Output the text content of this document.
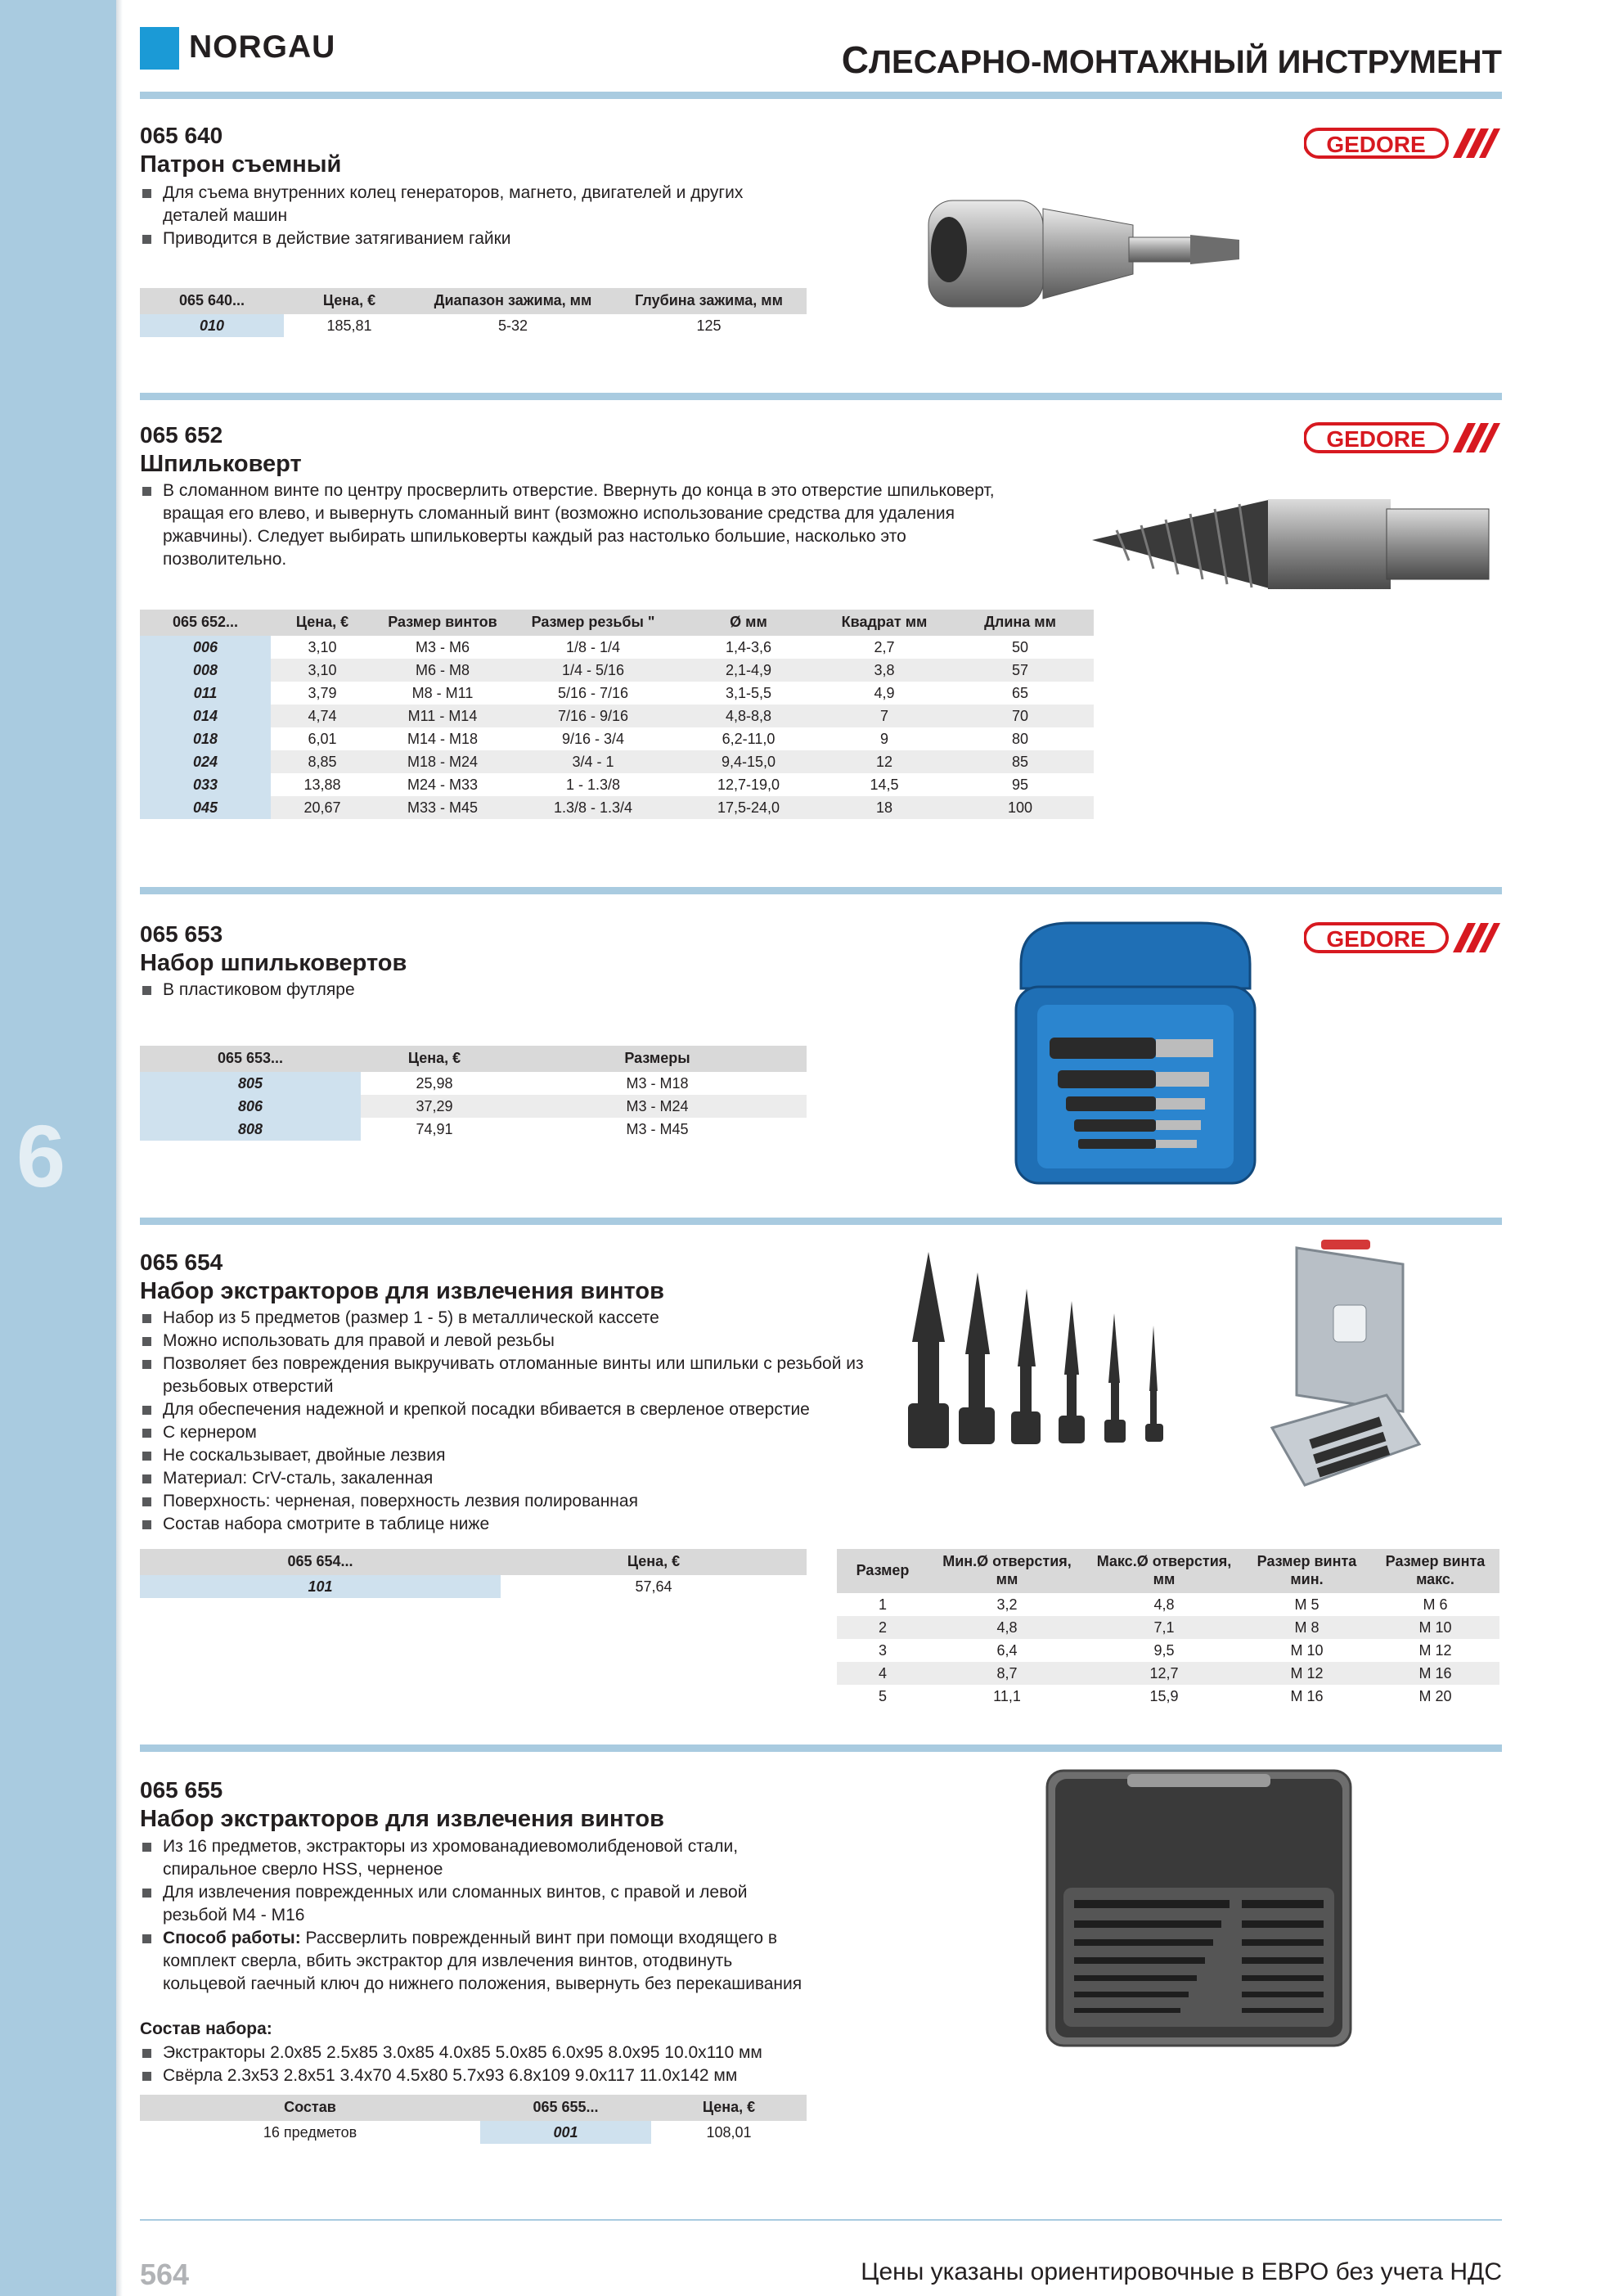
6
NORGAU	СЛЕСАРНО-МОНТАЖНЫЙ ИНСТРУМЕНТ
065 640
Патрон съемный
Для съема внутренних колец генераторов, магнето, двигателей и других деталей машин
Приводится в действие затягиванием гайки
GEDORE
065 640...	Цена, €	Диапазон зажима, мм	Глубина зажима, мм
010	185,81	5-32	125
065 652
Шпильковерт
В сломанном винте по центру просверлить отверстие. Ввернуть до конца в это отверстие шпильковерт, вращая его влево, и вывернуть сломанный винт (возможно использование средства для удаления ржавчины). Следует выбирать шпильковерты каждый раз настолько большие, насколько это позволительно.
GEDORE
065 652...	Цена, €	Размер винтов	Размер резьбы "	Ø мм	Квадрат мм	Длина мм
006	3,10	M3 - M6	1/8 - 1/4	1,4-3,6	2,7	50
008	3,10	M6 - M8	1/4 - 5/16	2,1-4,9	3,8	57
011	3,79	M8 - M11	5/16 - 7/16	3,1-5,5	4,9	65
014	4,74	M11 - M14	7/16 - 9/16	4,8-8,8	7	70
018	6,01	M14 - M18	9/16 - 3/4	6,2-11,0	9	80
024	8,85	M18 - M24	3/4 - 1	9,4-15,0	12	85
033	13,88	M24 - M33	1 - 1.3/8	12,7-19,0	14,5	95
045	20,67	M33 - M45	1.3/8 - 1.3/4	17,5-24,0	18	100
065 653
Набор шпильковертов
В пластиковом футляре
GEDORE
065 653...	Цена, €	Размеры
805	25,98	M3 - M18
806	37,29	M3 - M24
808	74,91	M3 - M45
065 654
Набор экстракторов для извлечения винтов
Набор из 5 предметов (размер 1 - 5) в металлической кассете
Можно использовать для правой и левой резьбы
Позволяет без повреждения выкручивать отломанные винты или шпильки с резьбой из резьбовых отверстий
Для обеспечения надежной и крепкой посадки вбивается в сверленое отверстие
С кернером
Не соскальзывает, двойные лезвия
Материал: CrV-сталь, закаленная
Поверхность: черненая, поверхность лезвия полированная
Состав набора смотрите в таблице ниже
065 654...	Цена, €
101	57,64
Размер	Мин.Ø отверстия, мм	Макс.Ø отверстия, мм	Размер винта мин.	Размер винта макс.
1	3,2	4,8	M 5	M 6
2	4,8	7,1	M 8	M 10
3	6,4	9,5	M 10	M 12
4	8,7	12,7	M 12	M 16
5	11,1	15,9	M 16	M 20
065 655
Набор экстракторов для извлечения винтов
Из 16 предметов, экстракторы из хромованадиевомолибденовой стали, спиральное сверло HSS, черненое
Для извлечения поврежденных или сломанных винтов, с правой и левой резьбой M4 - M16
Способ работы: Рассверлить поврежденный винт при помощи входящего в комплект сверла, вбить экстрактор для извлечения винтов, отодвинуть кольцевой гаечный ключ до нижнего положения, вывернуть без перекашивания
Состав набора:
Экстракторы 2.0x85 2.5x85 3.0x85 4.0x85 5.0x85 6.0x95 8.0x95 10.0x110 мм
Свёрла 2.3x53 2.8x51 3.4x70 4.5x80 5.7x93 6.8x109 9.0x117 11.0x142 мм
Состав	065 655...	Цена, €
16 предметов	001	108,01
564	Цены указаны ориентировочные в ЕВРО без учета НДС
